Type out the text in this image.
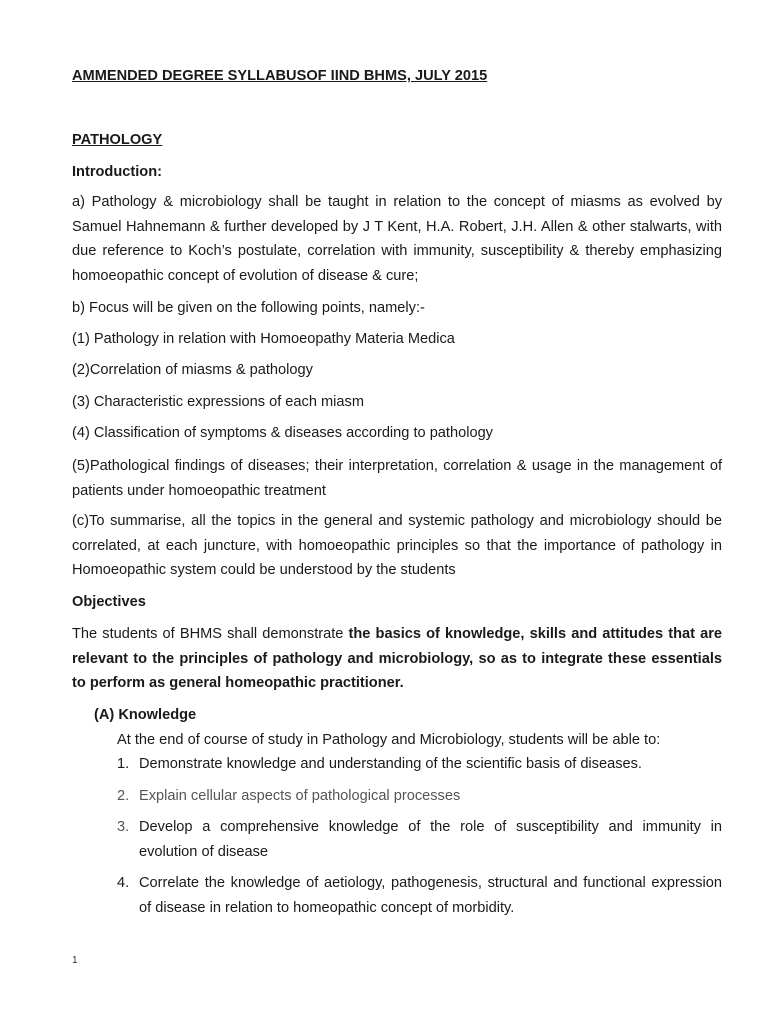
AMMENDED DEGREE SYLLABUSOF IIND BHMS, JULY 2015

PATHOLOGY

Introduction:

a) Pathology & microbiology shall be taught in relation to the concept of miasms as evolved by Samuel Hahnemann & further developed by J T Kent, H.A. Robert, J.H. Allen & other stalwarts, with due reference to Koch’s postulate, correlation with immunity, susceptibility & thereby emphasizing homoeopathic concept of evolution of disease & cure;

b) Focus will be given on the following points, namely:-

(1) Pathology in relation with Homoeopathy Materia Medica

(2)Correlation of miasms & pathology

(3) Characteristic expressions of each miasm

(4) Classification of symptoms & diseases according to pathology

(5)Pathological findings of diseases; their interpretation, correlation & usage in the management of patients under homoeopathic treatment

(c)To summarise, all the topics in the general and systemic pathology and microbiology should be correlated, at each juncture, with homoeopathic principles so that the importance of pathology in Homoeopathic system could be understood by the students

Objectives

The students of BHMS shall demonstrate the basics of knowledge, skills and attitudes that are relevant to the principles of pathology and microbiology, so as to integrate these essentials to perform as general homeopathic practitioner.

(A) Knowledge

At the end of course of study in Pathology and Microbiology, students will be able to:

1. Demonstrate knowledge and understanding of the scientific basis of diseases.
2. Explain cellular aspects of pathological processes
3. Develop a comprehensive knowledge of the role of susceptibility and immunity in evolution of disease
4. Correlate the knowledge of aetiology, pathogenesis, structural and functional expression of disease in relation to homeopathic concept of morbidity.
1
